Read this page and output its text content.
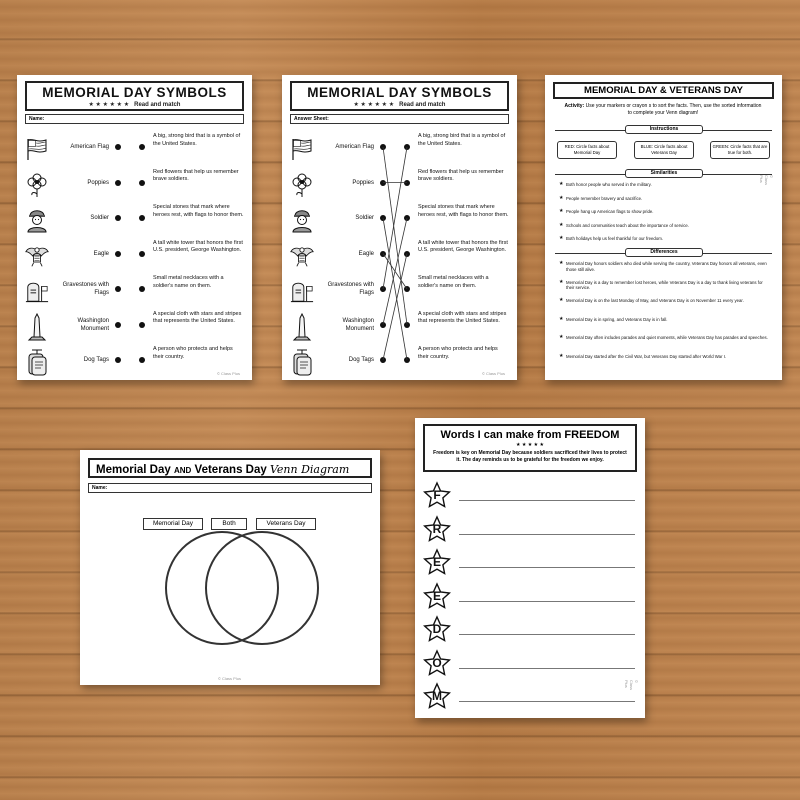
MEMORIAL DAY SYMBOLS
★ ★ ★ ★ ★ ★ Read and match
Name:
American Flag
A big, strong bird that is a symbol of the United States.
Poppies
Red flowers that help us remember brave soldiers.
Soldier
Special stones that mark where heroes rest, with flags to honor them.
Eagle
A tall white tower that honors the first U.S. president, George Washington.
Gravestones with Flags
Small metal necklaces with a soldier's name on them.
Washington Monument
A special cloth with stars and stripes that represents the United States.
Dog Tags
A person who protects and helps their country.
© Class Plus
MEMORIAL DAY SYMBOLS
★ ★ ★ ★ ★ ★ Read and match
Answer Sheet:
American Flag
A big, strong bird that is a symbol of the United States.
Poppies
Red flowers that help us remember brave soldiers.
Soldier
Special stones that mark where heroes rest, with flags to honor them.
Eagle
A tall white tower that honors the first U.S. president, George Washington.
Gravestones with Flags
Small metal necklaces with a soldier's name on them.
Washington Monument
A special cloth with stars and stripes that represents the United States.
Dog Tags
A person who protects and helps their country.
© Class Plus
MEMORIAL DAY & VETERANS DAY
Activity: Use your markers or crayon s to sort the facts. Then, use the sorted information to complete your Venn diagram!
Instructions
RED: Circle facts about Memorial Day
BLUE: Circle facts about Veterans Day
GREEN: Circle facts that are true for both.
Similarities
★ Both honor people who served in the military.
★ People remember bravery and sacrifice.
★ People hang up American flags to show pride.
★ Schools and communities teach about the importance of service.
★ Both holidays help us feel thankful for our freedom.
Differences
★ Memorial Day honors soldiers who died while serving the country, Veterans Day honors all veterans, even those still alive.
★ Memorial Day is a day to remember lost heroes, while Veterans Day is a day to thank living veterans for their service.
★ Memorial Day is on the last Monday of May, and Veterans Day is on November 11 every year.
★ Memorial Day is in spring, and Veterans Day is in fall.
★ Memorial Day often includes parades and quiet moments, while Veterans Day has parades and speeches.
★ Memorial Day started after the Civil War, but Veterans Day started after World War I.
© Class Plus
Memorial Day AND Veterans Day Venn Diagram
Name:
Memorial Day	Both	Veterans Day
© Class Plus
Words I can make from FREEDOM
★ ★ ★ ★ ★
Freedom is key on Memorial Day because soldiers sacrificed their lives to protect it. The day reminds us to be grateful for the freedom we enjoy.
F
R
E
E
D
O
M
© Class Plus
